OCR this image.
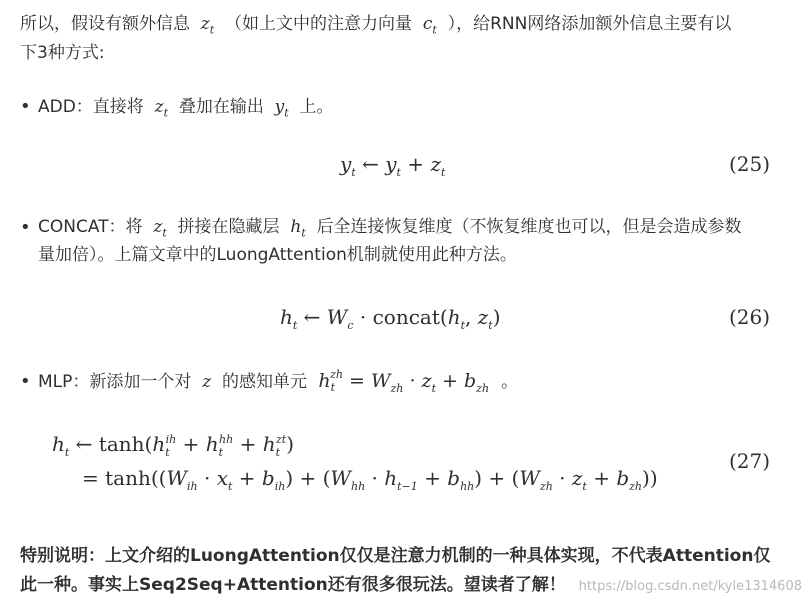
所以，假设有额外信息  $z_t$ （如上文中的注意力向量  $c_t$ ），给RNN网络添加额外信息主要有以
下3种方式:
• ADD：直接将  $z_t$ 叠加在输出  $y_t$ 上。
$y_t$ ← $y_t + z_t$	(25)
• CONCAT：将  $z_t$ 拼接在隐藏层  $h_t$ 后全连接恢复维度（不恢复维度也可以，但是会造成参数
量加倍）。上篇文章中的LuongAttention机制就使用此种方法。
$h_t$ ← $W_c$ · $concat(h_t$, $z_t$)	(26)
• MLP：新添加一个对  z  的感知单元  $h_t^{zh} = W_{zh} \cdot z_t + b_{zh}$ 。
$h_t$ ← $\tanh(h_t^{ih} + h_t^{hh} + h_t^{zt})$
= $\tanh((W_{ih} \cdot x_t + b_{ih}) + (W_{hh} \cdot h_{t-1} + b_{hh}) + (W_{zh} \cdot z_t + b_{zh}))$
(27)
特别说明：上文介绍的LuongAttention仅仅是注意力机制的一种具体实现，不代表Attention仅
此一种。事实上Seq2Seq+Attention还有很多很玩法。望读者了解！ https://blog.csdn.net/kyle1314608
